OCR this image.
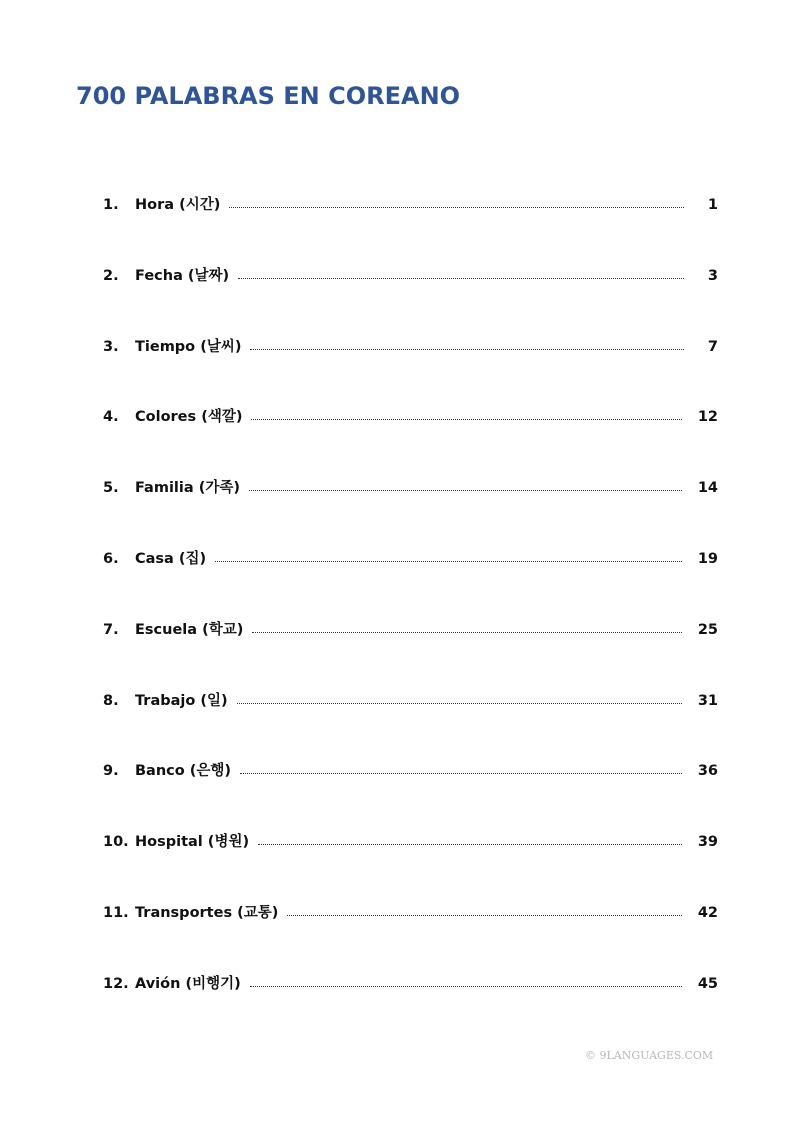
700 PALABRAS EN COREANO
1.	Hora (시간)	1
2.	Fecha (날짜)	3
3.	Tiempo (날씨)	7
4.	Colores (색깔)	12
5.	Familia (가족)	14
6.	Casa (집)	19
7.	Escuela (학교)	25
8.	Trabajo (일)	31
9.	Banco (은행)	36
10. Hospital (병원)	39
11. Transportes (교통)	42
12. Avión (비행기)	45
© 9LANGUAGES.COM
